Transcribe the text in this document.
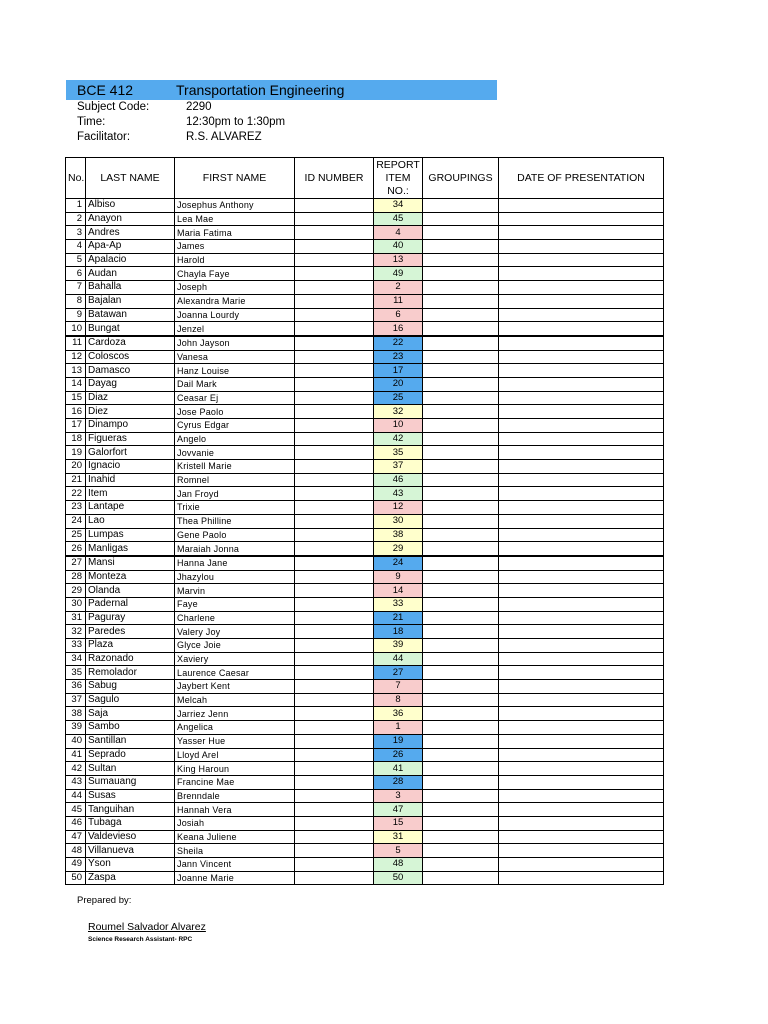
BCE 412	Transportation Engineering
Subject Code:	2290
Time:	12:30pm to 1:30pm
Facilitator:	R.S. ALVAREZ
No.	LAST NAME	FIRST NAME	ID NUMBER	REPORT
ITEM
NO.:	GROUPINGS	DATE OF PRESENTATION
1	Albiso	Josephus Anthony		34		
2	Anayon	Lea Mae		45		
3	Andres	Maria Fatima		4		
4	Apa-Ap	James		40		
5	Apalacio	Harold		13		
6	Audan	Chayla Faye		49		
7	Bahalla	Joseph		2		
8	Bajalan	Alexandra Marie		11		
9	Batawan	Joanna Lourdy		6		
10	Bungat	Jenzel		16		
11	Cardoza	John Jayson		22		
12	Coloscos	Vanesa		23		
13	Damasco	Hanz Louise		17		
14	Dayag	Dail Mark		20		
15	Diaz	Ceasar Ej		25		
16	Diez	Jose Paolo		32		
17	Dinampo	Cyrus Edgar		10		
18	Figueras	Angelo		42		
19	Galorfort	Jovvanie		35		
20	Ignacio	Kristell Marie		37		
21	Inahid	Romnel		46		
22	Item	Jan Froyd		43		
23	Lantape	Trixie		12		
24	Lao	Thea Philline		30		
25	Lumpas	Gene Paolo		38		
26	Manligas	Maraiah Jonna		29		
27	Mansi	Hanna Jane		24		
28	Monteza	Jhazylou		9		
29	Olanda	Marvin		14		
30	Padernal	Faye		33		
31	Paguray	Charlene		21		
32	Paredes	Valery Joy		18		
33	Plaza	Glyce Joie		39		
34	Razonado	Xaviery		44		
35	Remolador	Laurence Caesar		27		
36	Sabug	Jaybert Kent		7		
37	Sagulo	Melcah		8		
38	Saja	Jarriez Jenn		36		
39	Sambo	Angelica		1		
40	Santillan	Yasser Hue		19		
41	Seprado	Lloyd Arel		26		
42	Sultan	King Haroun		41		
43	Sumauang	Francine Mae		28		
44	Susas	Brenndale		3		
45	Tanguihan	Hannah Vera		47		
46	Tubaga	Josiah		15		
47	Valdevieso	Keana Juliene		31		
48	Villanueva	Sheila		5		
49	Yson	Jann Vincent		48		
50	Zaspa	Joanne Marie		50		
Prepared by:
Roumel Salvador Alvarez
Science Research Assistant- RPC
